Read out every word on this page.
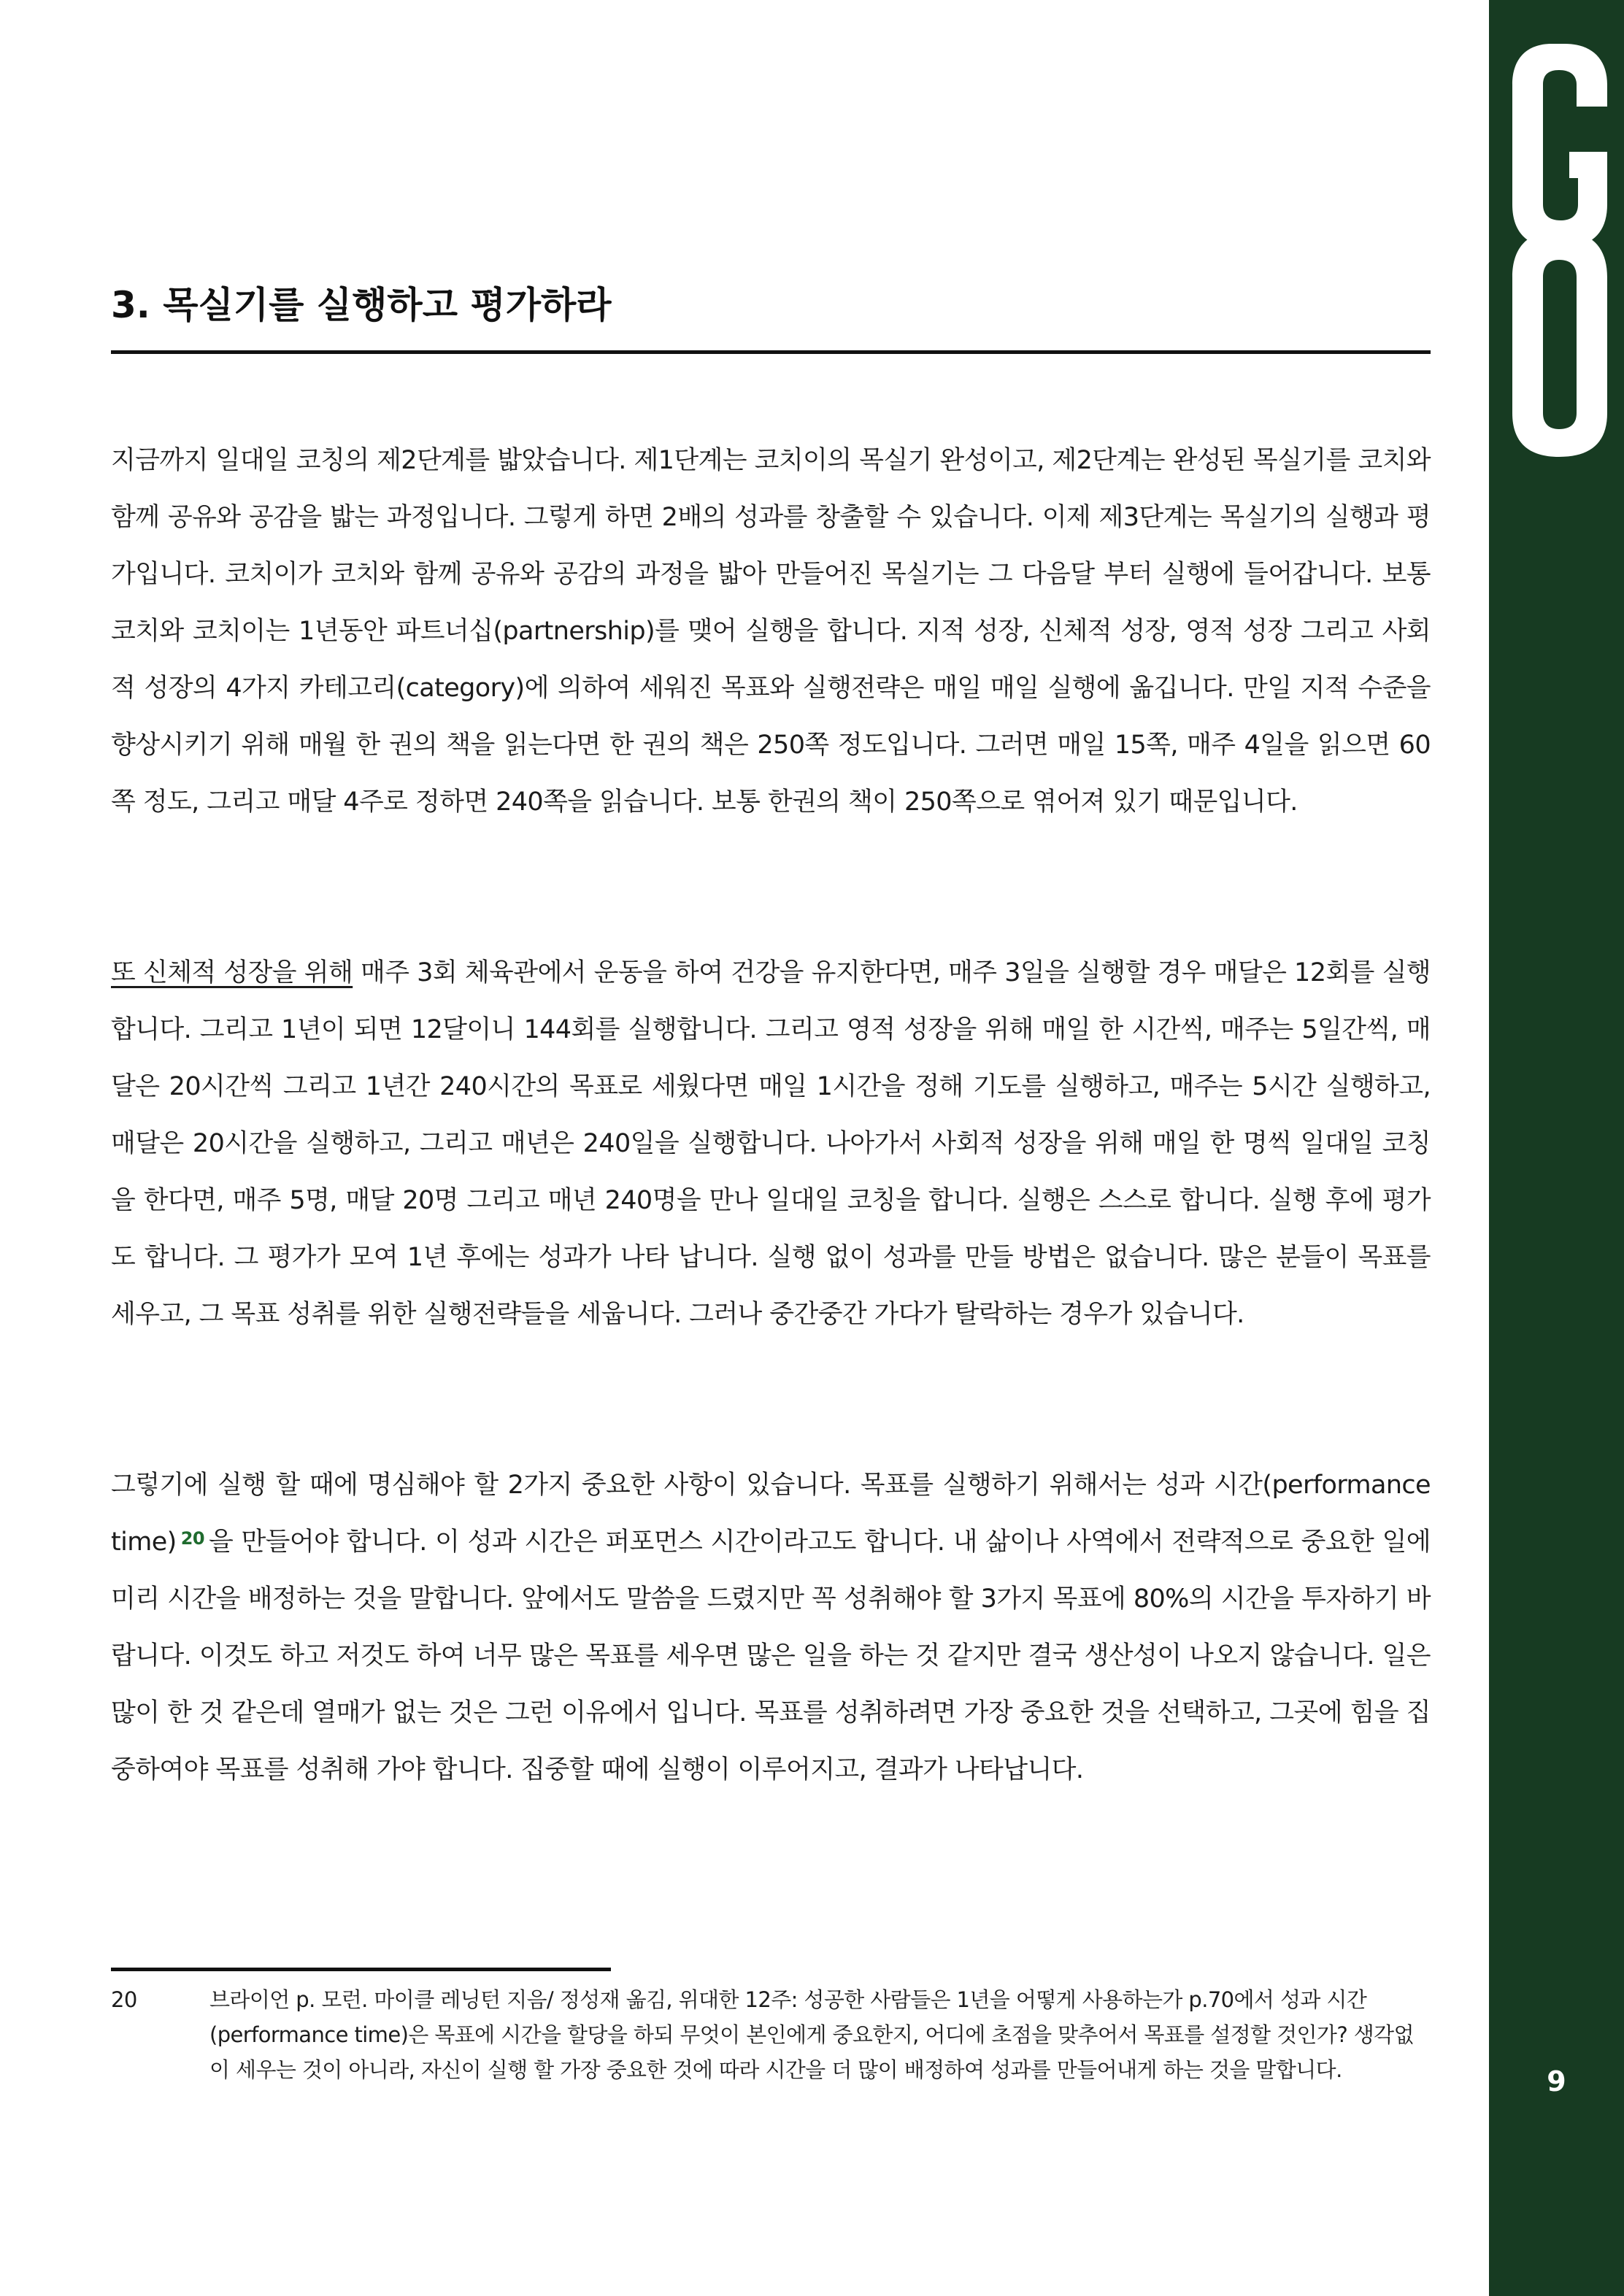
3. 목실기를 실행하고 평가하라

지금까지 일대일 코칭의 제2단계를 밟았습니다. 제1단계는 코치이의 목실기 완성이고, 제2단계는 완성된 목실기를 코치와 함께 공유와 공감을 밟는 과정입니다. 그렇게 하면 2배의 성과를 창출할 수 있습니다. 이제 제3단계는 목실기의 실행과 평가입니다. 코치이가 코치와 함께 공유와 공감의 과정을 밟아 만들어진 목실기는 그 다음달 부터 실행에 들어갑니다. 보통 코치와 코치이는 1년동안 파트너십(partnership)를 맺어 실행을 합니다. 지적 성장, 신체적 성장, 영적 성장 그리고 사회적 성장의 4가지 카테고리(category)에 의하여 세워진 목표와 실행전략은 매일 매일 실행에 옮깁니다. 만일 지적 수준을 향상시키기 위해 매월 한 권의 책을 읽는다면 한 권의 책은 250쪽 정도입니다. 그러면 매일 15쪽, 매주 4일을 읽으면 60쪽 정도, 그리고 매달 4주로 정하면 240쪽을 읽습니다. 보통 한권의 책이 250쪽으로 엮어져 있기 때문입니다.

또 신체적 성장을 위해 매주 3회 체육관에서 운동을 하여 건강을 유지한다면, 매주 3일을 실행할 경우 매달은 12회를 실행합니다. 그리고 1년이 되면 12달이니 144회를 실행합니다. 그리고 영적 성장을 위해 매일 한 시간씩, 매주는 5일간씩, 매달은 20시간씩 그리고 1년간 240시간의 목표로 세웠다면 매일 1시간을 정해 기도를 실행하고, 매주는 5시간 실행하고, 매달은 20시간을 실행하고, 그리고 매년은 240일을 실행합니다. 나아가서 사회적 성장을 위해 매일 한 명씩 일대일 코칭을 한다면, 매주 5명, 매달 20명 그리고 매년 240명을 만나 일대일 코칭을 합니다. 실행은 스스로 합니다. 실행 후에 평가도 합니다. 그 평가가 모여 1년 후에는 성과가 나타 납니다. 실행 없이 성과를 만들 방법은 없습니다. 많은 분들이 목표를 세우고, 그 목표 성취를 위한 실행전략들을 세웁니다. 그러나 중간중간 가다가 탈락하는 경우가 있습니다.

그렇기에 실행 할 때에 명심해야 할 2가지 중요한 사항이 있습니다. 목표를 실행하기 위해서는 성과 시간(performance time) $^{20}$ 을 만들어야 합니다. 이 성과 시간은 퍼포먼스 시간이라고도 합니다. 내 삶이나 사역에서 전략적으로 중요한 일에 미리 시간을 배정하는 것을 말합니다. 앞에서도 말씀을 드렸지만 꼭 성취해야 할 3가지 목표에 80%의 시간을 투자하기 바랍니다. 이것도 하고 저것도 하여 너무 많은 목표를 세우면 많은 일을 하는 것 같지만 결국 생산성이 나오지 않습니다. 일은 많이 한 것 같은데 열매가 없는 것은 그런 이유에서 입니다. 목표를 성취하려면 가장 중요한 것을 선택하고, 그곳에 힘을 집중하여야 목표를 성취해 가야 합니다. 집중할 때에 실행이 이루어지고, 결과가 나타납니다.

20	브라이언 p. 모런. 마이클 레닝턴 지음/ 정성재 옮김, 위대한 12주: 성공한 사람들은 1년을 어떻게 사용하는가 p.70에서 성과 시간(performance time)은 목표에 시간을 할당을 하되 무엇이 본인에게 중요한지, 어디에 초점을 맞추어서 목표를 설정할 것인가? 생각없이 세우는 것이 아니라, 자신이 실행 할 가장 중요한 것에 따라 시간을 더 많이 배정하여 성과를 만들어내게 하는 것을 말합니다.	9
